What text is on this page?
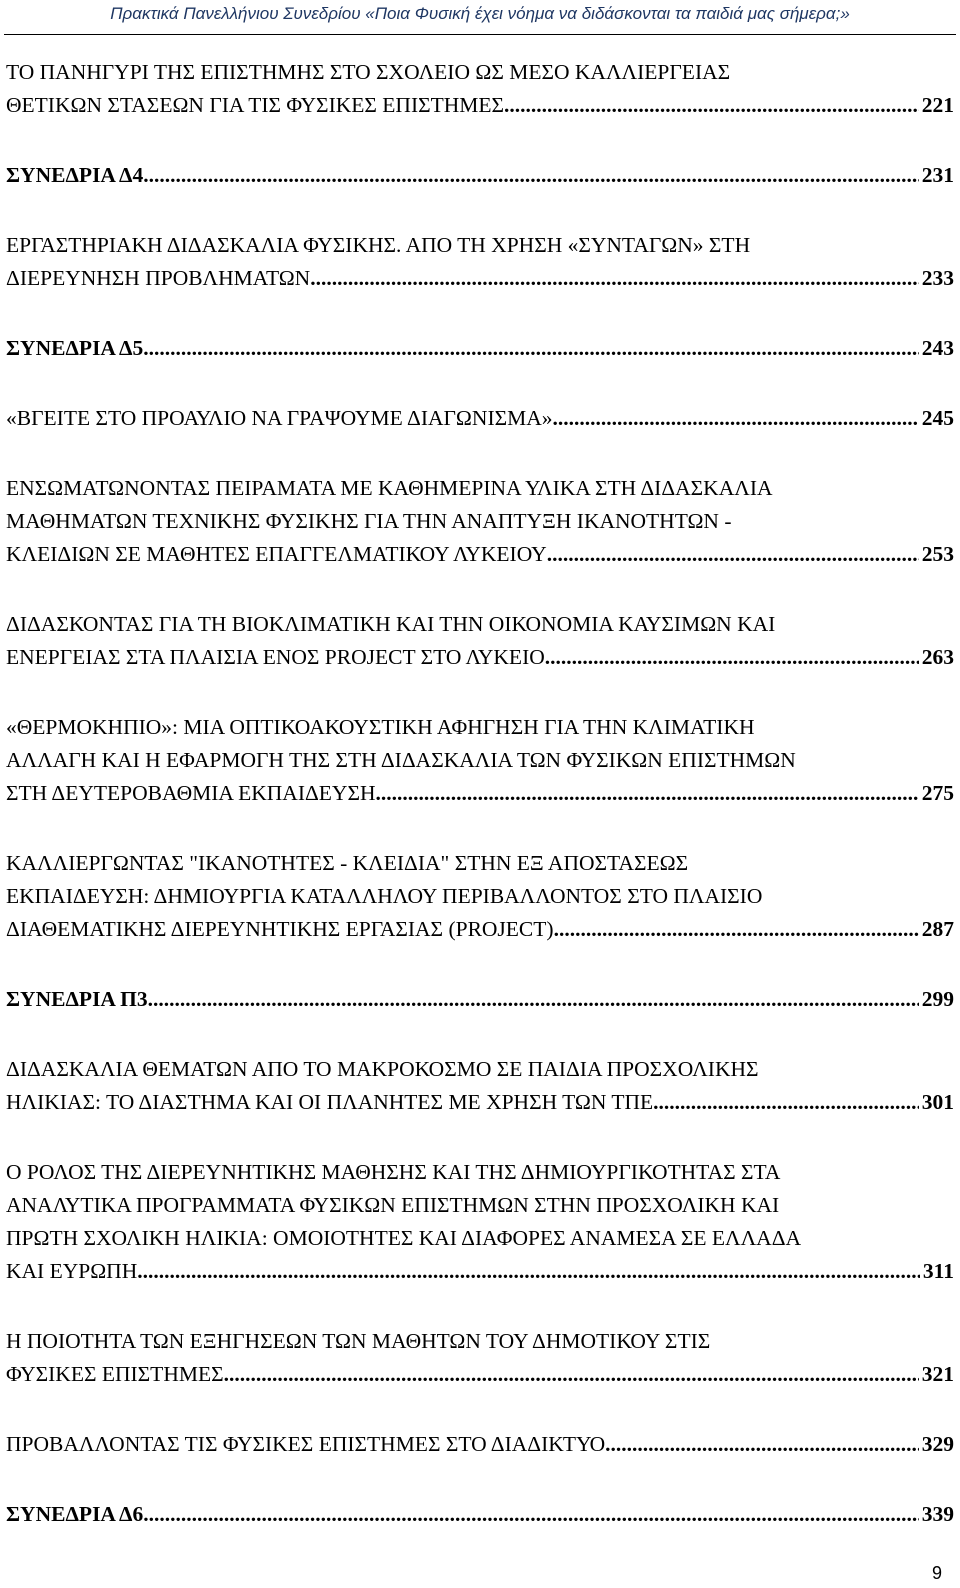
Πρακτικά Πανελλήνιου Συνεδρίου «Ποια Φυσική έχει νόημα να διδάσκονται τα παιδιά μας σήμερα;»
ΤΟ ΠΑΝΗΓΥΡΙ ΤΗΣ ΕΠΙΣΤΗΜΗΣ ΣΤΟ ΣΧΟΛΕΙΟ ΩΣ ΜΕΣΟ ΚΑΛΛΙΕΡΓΕΙΑΣ
ΘΕΤΙΚΩΝ ΣΤΑΣΕΩΝ ΓΙΑ ΤΙΣ ΦΥΣΙΚΕΣ ΕΠΙΣΤΗΜΕΣ .....	221
ΣΥΝΕΔΡΙΑ Δ4 .....	231
ΕΡΓΑΣΤΗΡΙΑΚΗ ΔΙΔΑΣΚΑΛΙΑ ΦΥΣΙΚΗΣ. ΑΠΟ ΤΗ ΧΡΗΣΗ «ΣΥΝΤΑΓΩΝ» ΣΤΗ
ΔΙΕΡΕΥΝΗΣΗ ΠΡΟΒΛΗΜΑΤΩΝ .....	233
ΣΥΝΕΔΡΙΑ Δ5 .....	243
«ΒΓΕΙΤΕ ΣΤΟ ΠΡΟΑΥΛΙΟ ΝΑ ΓΡΑΨΟΥΜΕ ΔΙΑΓΩΝΙΣΜΑ» .....	245
ΕΝΣΩΜΑΤΩΝΟΝΤΑΣ ΠΕΙΡΑΜΑΤΑ ΜΕ ΚΑΘΗΜΕΡΙΝΑ ΥΛΙΚΑ ΣΤΗ ΔΙΔΑΣΚΑΛΙΑ
ΜΑΘΗΜΑΤΩΝ ΤΕΧΝΙΚΗΣ ΦΥΣΙΚΗΣ ΓΙΑ ΤΗΝ ΑΝΑΠΤΥΞΗ ΙΚΑΝΟΤΗΤΩΝ -
ΚΛΕΙΔΙΩΝ ΣΕ ΜΑΘΗΤΕΣ ΕΠΑΓΓΕΛΜΑΤΙΚΟΥ ΛΥΚΕΙΟΥ .....	253
ΔΙΔΑΣΚΟΝΤΑΣ ΓΙΑ ΤΗ ΒΙΟΚΛΙΜΑΤΙΚΗ ΚΑΙ ΤΗΝ ΟΙΚΟΝΟΜΙΑ ΚΑΥΣΙΜΩΝ ΚΑΙ
ΕΝΕΡΓΕΙΑΣ ΣΤΑ ΠΛΑΙΣΙΑ ΕΝΟΣ PROJECT ΣΤΟ ΛΥΚΕΙΟ .....	263
«ΘΕΡΜΟΚΗΠΙΟ»: ΜΙΑ ΟΠΤΙΚΟΑΚΟΥΣΤΙΚΗ ΑΦΗΓΗΣΗ ΓΙΑ ΤΗΝ ΚΛΙΜΑΤΙΚΗ
ΑΛΛΑΓΗ ΚΑΙ Η ΕΦΑΡΜΟΓΗ ΤΗΣ ΣΤΗ ΔΙΔΑΣΚΑΛΙΑ ΤΩΝ ΦΥΣΙΚΩΝ ΕΠΙΣΤΗΜΩΝ
ΣΤΗ ΔΕΥΤΕΡΟΒΑΘΜΙΑ ΕΚΠΑΙΔΕΥΣΗ .....	275
ΚΑΛΛΙΕΡΓΩΝΤΑΣ "ΙΚΑΝΟΤΗΤΕΣ - ΚΛΕΙΔΙΑ" ΣΤΗΝ ΕΞ ΑΠΟΣΤΑΣΕΩΣ
ΕΚΠΑΙΔΕΥΣΗ: ΔΗΜΙΟΥΡΓΙΑ ΚΑΤΑΛΛΗΛΟΥ ΠΕΡΙΒΑΛΛΟΝΤΟΣ ΣΤΟ ΠΛΑΙΣΙΟ
ΔΙΑΘΕΜΑΤΙΚΗΣ ΔΙΕΡΕΥΝΗΤΙΚΗΣ ΕΡΓΑΣΙΑΣ (PROJECT) .....	287
ΣΥΝΕΔΡΙΑ Π3 .....	299
ΔΙΔΑΣΚΑΛΙΑ ΘΕΜΑΤΩΝ ΑΠΟ ΤΟ ΜΑΚΡΟΚΟΣΜΟ ΣΕ ΠΑΙΔΙΑ ΠΡΟΣΧΟΛΙΚΗΣ
ΗΛΙΚΙΑΣ: ΤΟ ΔΙΑΣΤΗΜΑ ΚΑΙ ΟΙ ΠΛΑΝΗΤΕΣ ΜΕ ΧΡΗΣΗ ΤΩΝ ΤΠΕ .....	301
Ο ΡΟΛΟΣ ΤΗΣ ΔΙΕΡΕΥΝΗΤΙΚΗΣ ΜΑΘΗΣΗΣ ΚΑΙ ΤΗΣ ΔΗΜΙΟΥΡΓΙΚΟΤΗΤΑΣ ΣΤΑ
ΑΝΑΛΥΤΙΚΑ ΠΡΟΓΡΑΜΜΑΤΑ ΦΥΣΙΚΩΝ ΕΠΙΣΤΗΜΩΝ ΣΤΗΝ ΠΡΟΣΧΟΛΙΚΗ ΚΑΙ
ΠΡΩΤΗ ΣΧΟΛΙΚΗ ΗΛΙΚΙΑ: ΟΜΟΙΟΤΗΤΕΣ ΚΑΙ ΔΙΑΦΟΡΕΣ ΑΝΑΜΕΣΑ ΣΕ ΕΛΛΑΔΑ
ΚΑΙ ΕΥΡΩΠΗ .....	311
Η ΠΟΙΟΤΗΤΑ ΤΩΝ ΕΞΗΓΗΣΕΩΝ ΤΩΝ ΜΑΘΗΤΩΝ ΤΟΥ ΔΗΜΟΤΙΚΟΥ ΣΤΙΣ
ΦΥΣΙΚΕΣ ΕΠΙΣΤΗΜΕΣ .....	321
ΠΡΟΒΑΛΛΟΝΤΑΣ ΤΙΣ ΦΥΣΙΚΕΣ ΕΠΙΣΤΗΜΕΣ ΣΤΟ ΔΙΑΔΙΚΤΥΟ .....	329
ΣΥΝΕΔΡΙΑ Δ6 .....	339
9
